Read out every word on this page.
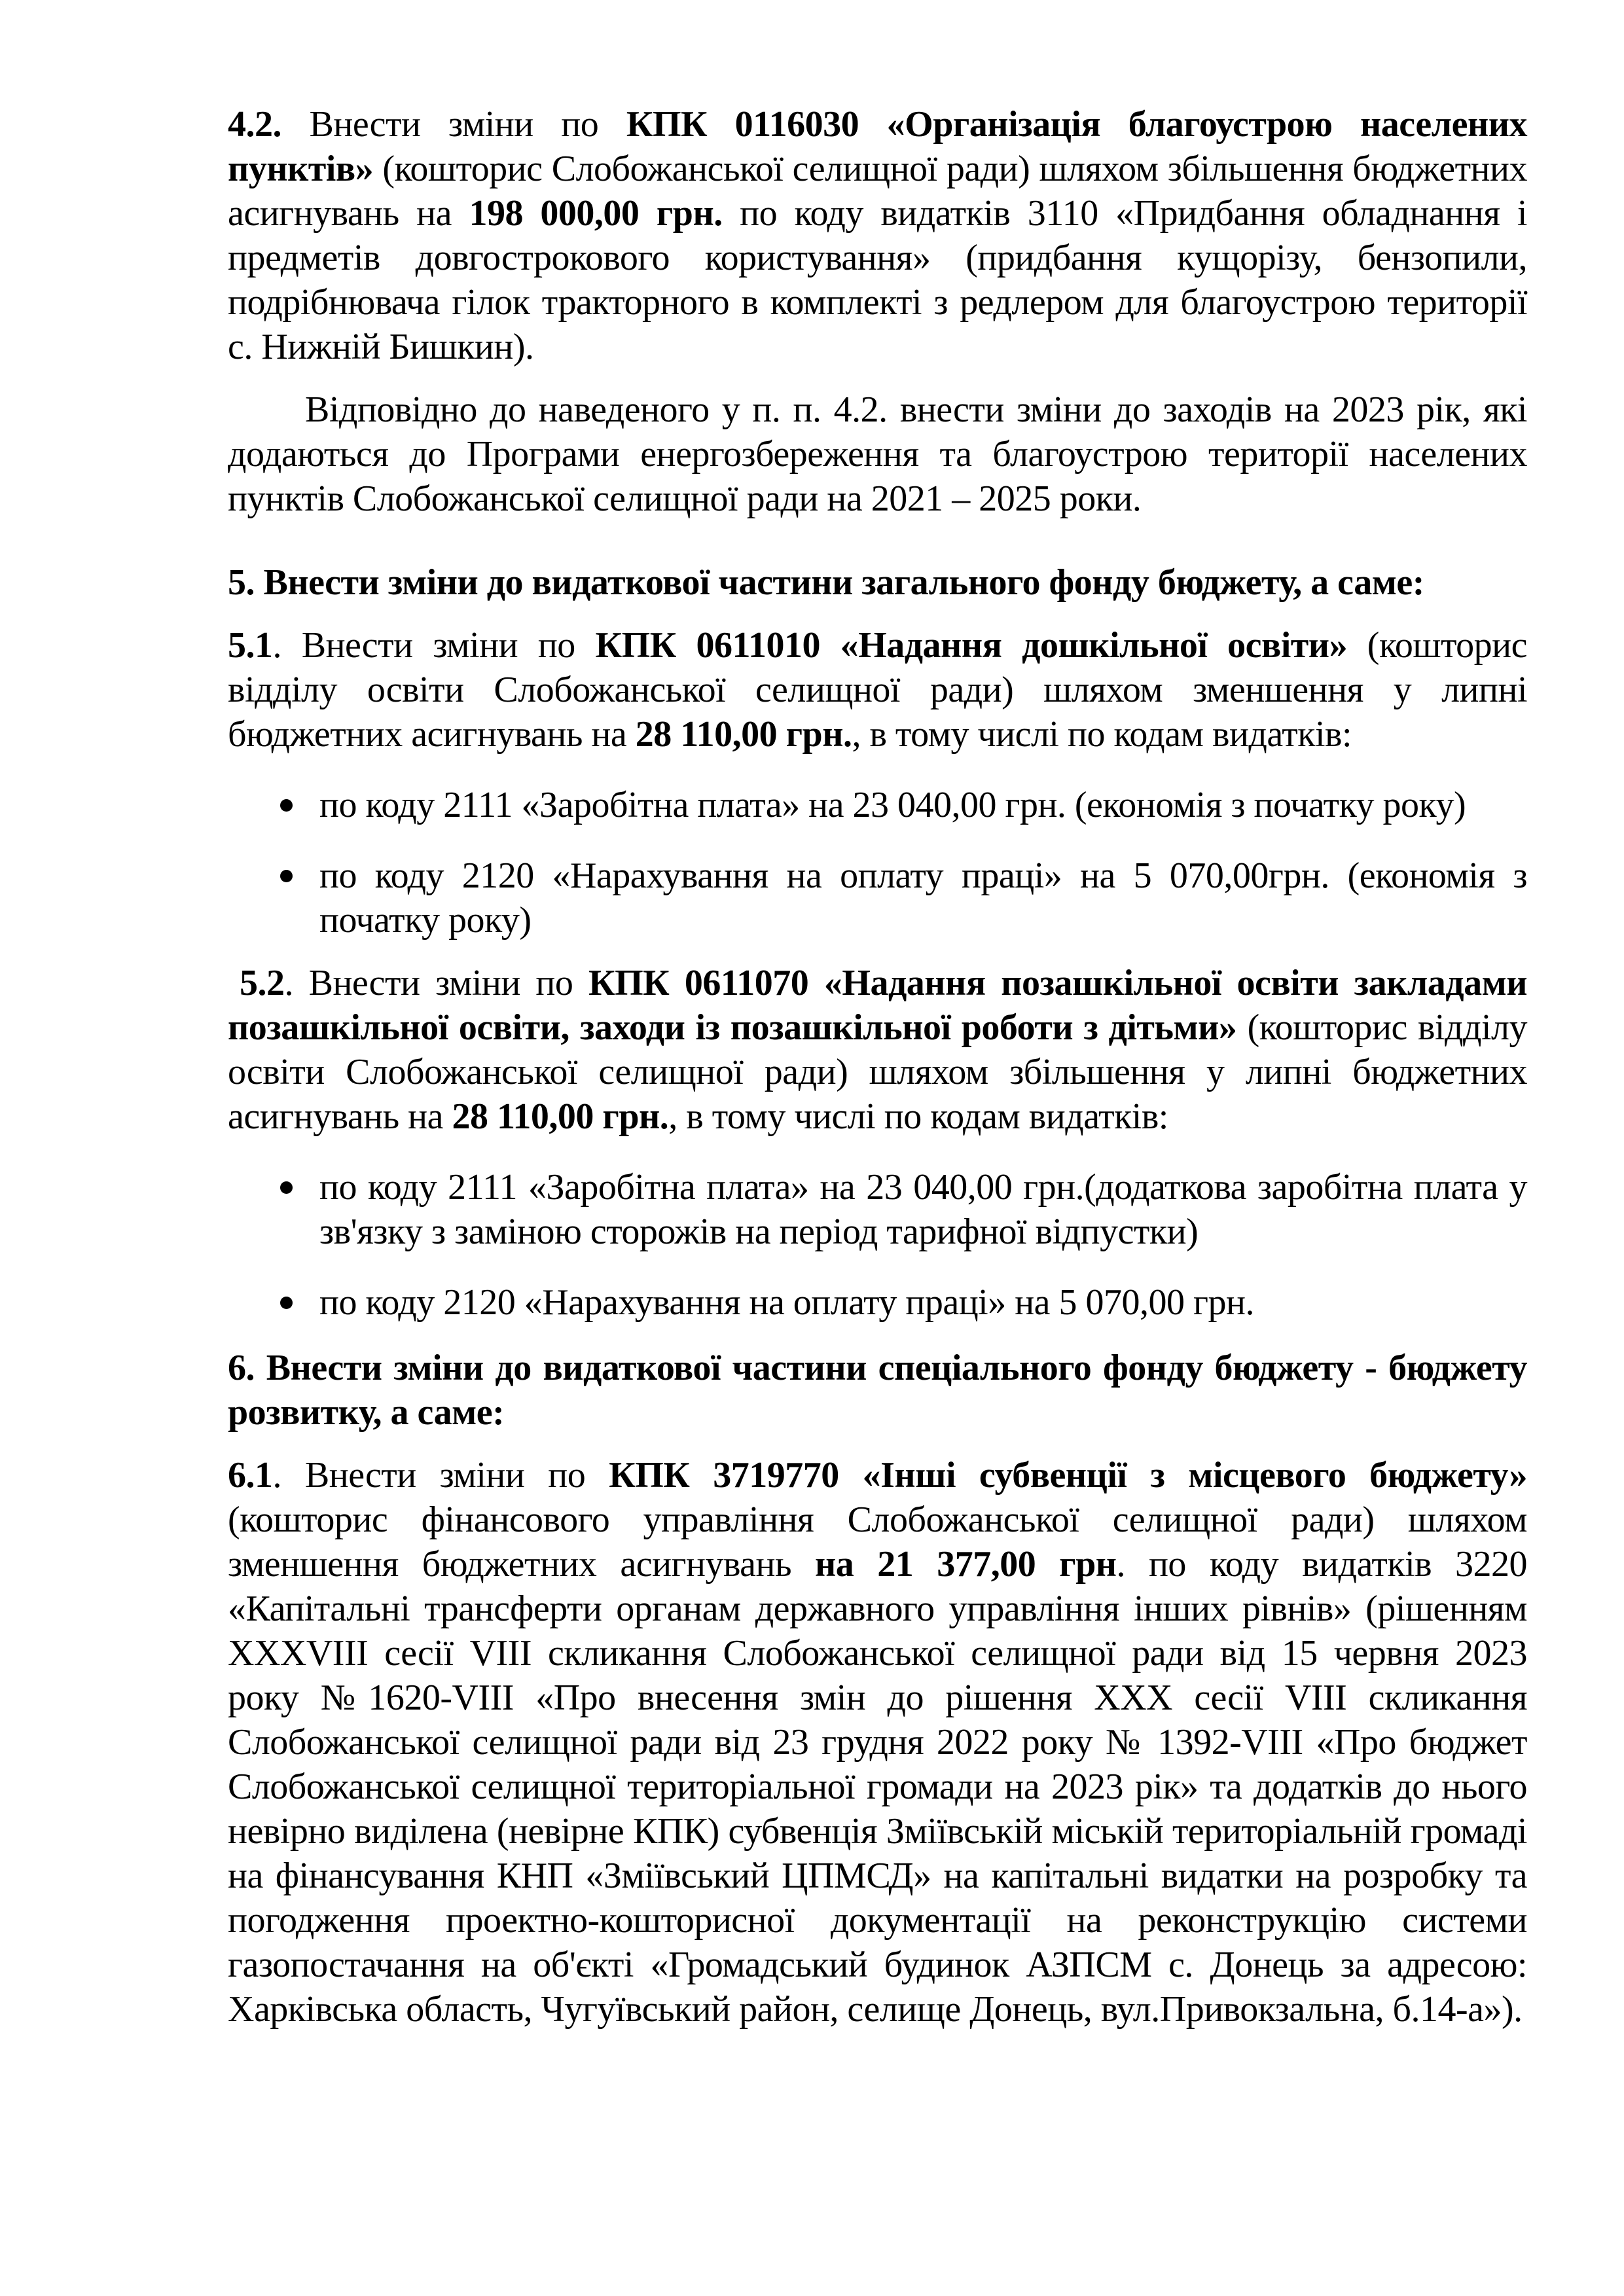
4.2. Внести зміни по КПК 0116030 «Організація благоустрою населених пунктів» (кошторис Слобожанської селищної ради) шляхом збільшення бюджетних асигнувань на 198 000,00 грн. по коду видатків 3110 «Придбання обладнання і предметів довгострокового користування» (придбання кущорізу, бензопили, подрібнювача гілок тракторного в комплекті з редлером для благоустрою території с. Нижній Бишкин).

Відповідно до наведеного у п. п. 4.2. внести зміни до заходів на 2023 рік, які додаються до Програми енергозбереження та благоустрою території населених пунктів Слобожанської селищної ради на 2021 – 2025 роки.

5. Внести зміни до видаткової частини загального фонду бюджету, а саме:

5.1. Внести зміни по КПК 0611010 «Надання дошкільної освіти» (кошторис відділу освіти Слобожанської селищної ради) шляхом зменшення у липні бюджетних асигнувань на 28 110,00 грн., в тому числі по кодам видатків:

по коду 2111 «Заробітна плата» на 23 040,00 грн. (економія з початку року)
по коду 2120 «Нарахування на оплату праці» на 5 070,00грн. (економія з початку року)

5.2. Внести зміни по КПК 0611070 «Надання позашкільної освіти закладами позашкільної освіти, заходи із позашкільної роботи з дітьми» (кошторис відділу освіти Слобожанської селищної ради) шляхом збільшення у липні бюджетних асигнувань на 28 110,00 грн., в тому числі по кодам видатків:

по коду 2111 «Заробітна плата» на 23 040,00 грн.(додаткова заробітна плата у зв'язку з заміною сторожів на період тарифної відпустки)
по коду 2120 «Нарахування на оплату праці» на 5 070,00 грн.

6. Внести зміни до видаткової частини спеціального фонду бюджету - бюджету розвитку, а саме:

6.1. Внести зміни по КПК 3719770 «Інші субвенції з місцевого бюджету» (кошторис фінансового управління Слобожанської селищної ради) шляхом зменшення бюджетних асигнувань на 21 377,00 грн. по коду видатків 3220 «Капітальні трансферти органам державного управління інших рівнів» (рішенням XXXVIII сесії VIII скликання Слобожанської селищної ради від 15 червня 2023 року №1620-VIII «Про внесення змін до рішення XXX сесії VIII скликання Слобожанської селищної ради від 23 грудня 2022 року № 1392-VIII «Про бюджет Слобожанської селищної територіальної громади на 2023 рік» та додатків до нього невірно виділена (невірне КПК) субвенція Зміївській міській територіальній громаді на фінансування КНП «Зміївський ЦПМСД» на капітальні видатки на розробку та погодження проектно-кошторисної документації на реконструкцію системи газопостачання на об'єкті «Громадський будинок АЗПСМ с. Донець за адресою: Харківська область, Чугуївський район, селище Донець, вул.Привокзальна, б.14-а»).
